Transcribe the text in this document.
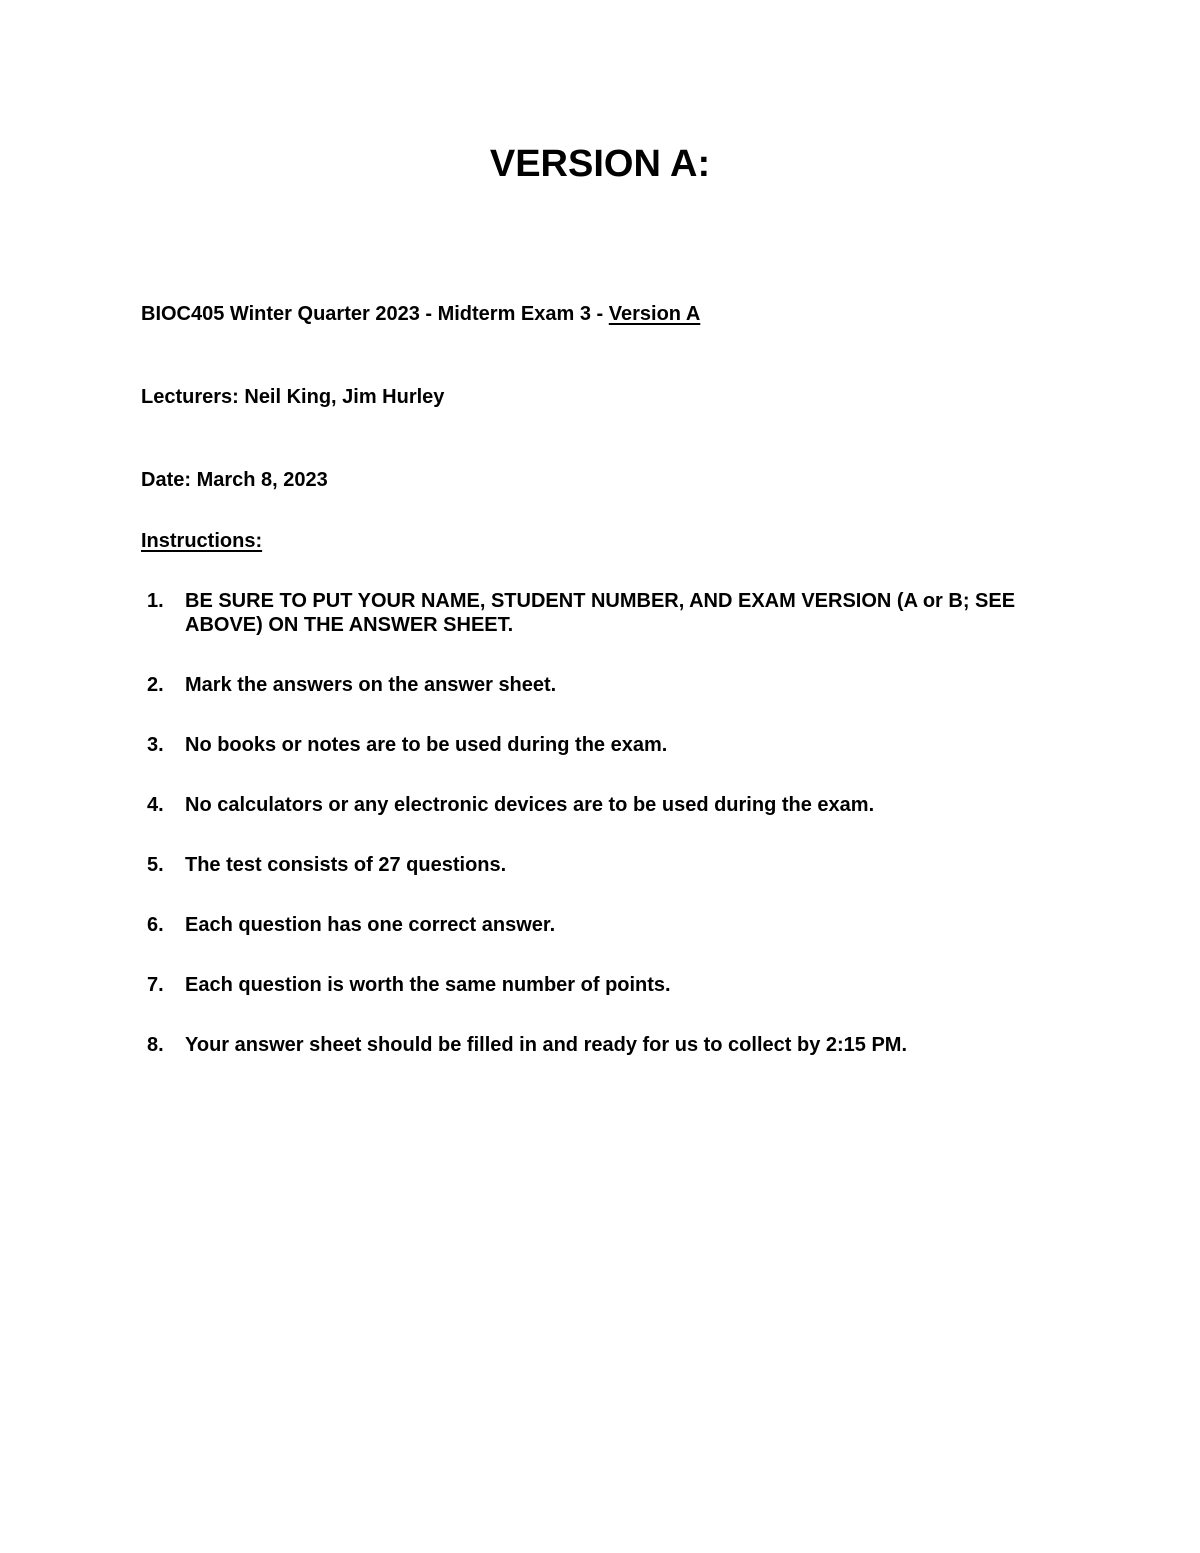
VERSION A:
BIOC405 Winter Quarter 2023 - Midterm Exam 3 - Version A
Lecturers: Neil King, Jim Hurley
Date: March 8, 2023
Instructions:
1.	BE SURE TO PUT YOUR NAME, STUDENT NUMBER, AND EXAM VERSION (A or B; SEE ABOVE) ON THE ANSWER SHEET.
2.	Mark the answers on the answer sheet.
3.	No books or notes are to be used during the exam.
4.	No calculators or any electronic devices are to be used during the exam.
5.	The test consists of 27 questions.
6.	Each question has one correct answer.
7.	Each question is worth the same number of points.
8.	Your answer sheet should be filled in and ready for us to collect by 2:15 PM.
